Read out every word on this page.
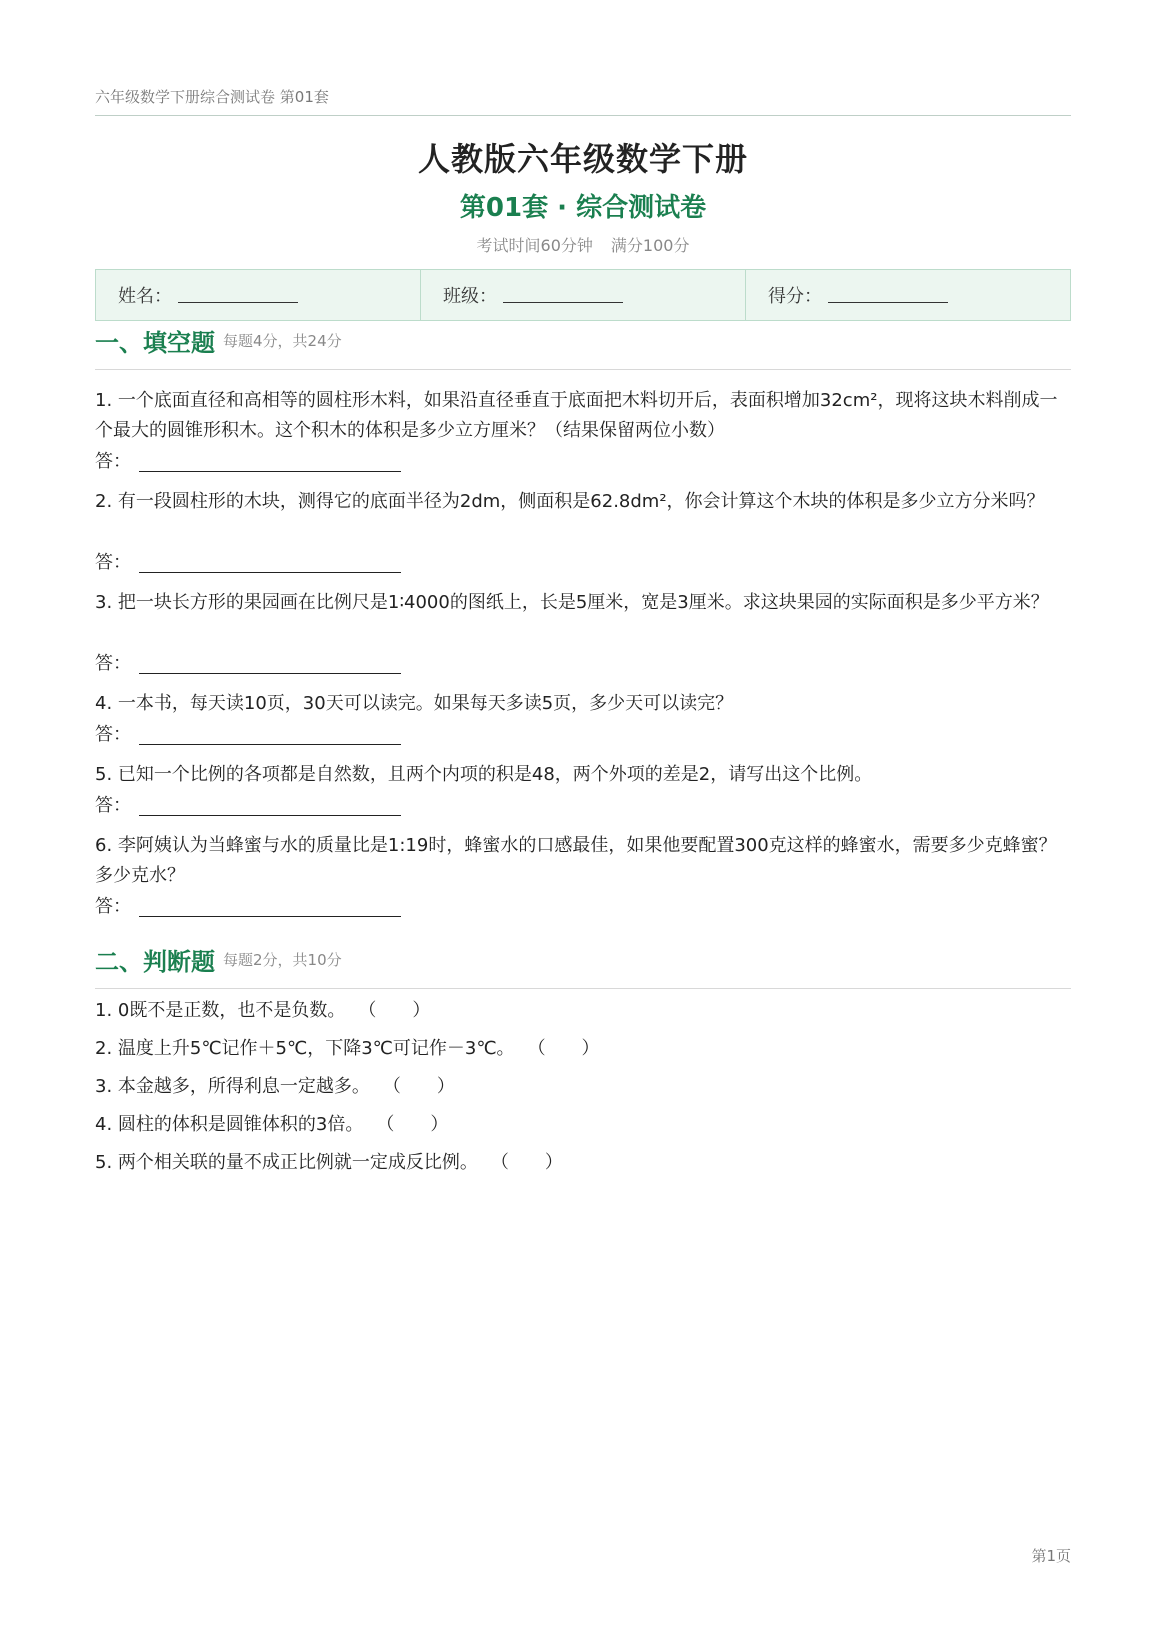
六年级数学下册综合测试卷 第01套
人教版六年级数学下册
第01套 · 综合测试卷
考试时间60分钟 满分100分
姓名：	班级：	得分：
一、填空题 每题4分，共24分
1. 一个底面直径和高相等的圆柱形木料，如果沿直径垂直于底面把木料切开后，表面积增加32cm²，现将这块木料削成一个最大的圆锥形积木。这个积木的体积是多少立方厘米？（结果保留两位小数）
答：
2. 有一段圆柱形的木块，测得它的底面半径为2dm，侧面积是62.8dm²，你会计算这个木块的体积是多少立方分米吗？
答：
3. 把一块长方形的果园画在比例尺是1∶4000的图纸上，长是5厘米，宽是3厘米。求这块果园的实际面积是多少平方米？
答：
4. 一本书，每天读10页，30天可以读完。如果每天多读5页，多少天可以读完？
答：
5. 已知一个比例的各项都是自然数，且两个内项的积是48，两个外项的差是2，请写出这个比例。
答：
6. 李阿姨认为当蜂蜜与水的质量比是1:19时，蜂蜜水的口感最佳，如果他要配置300克这样的蜂蜜水，需要多少克蜂蜜？多少克水？
答：
二、判断题 每题2分，共10分
1. 0既不是正数，也不是负数。 （　　）
2. 温度上升5℃记作＋5℃，下降3℃可记作－3℃。 （　　）
3. 本金越多，所得利息一定越多。 （　　）
4. 圆柱的体积是圆锥体积的3倍。 （　　）
5. 两个相关联的量不成正比例就一定成反比例。 （　　）
第1页
